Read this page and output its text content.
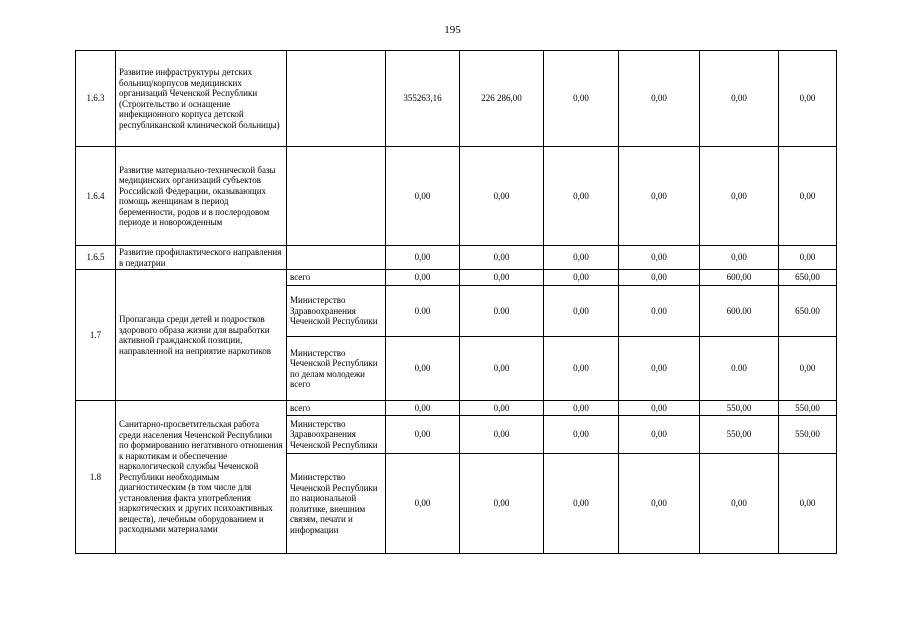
195
1.6.3	Развитие инфраструктуры детских больниц/корпусов медицинских организаций Чеченской Республики (Строительство и оснащение инфекционного корпуса детской республиканской клинической больницы)		355263,16	226 286,00	0,00	0,00	0,00	0,00
1.6.4	Развитие материально-технической базы медицинских организаций субъектов Российской Федерации, оказывающих помощь женщинам в период беременности, родов и в послеродовом периоде и новорожденным		0,00	0,00	0,00	0,00	0,00	0,00
1.6.5	Развитие профилактического направления в педиатрии		0,00	0,00	0,00	0,00	0,00	0,00
1.7	Пропаганда среди детей и подростков здорового образа жизни для выработки активной гражданской позиции, направленной на неприятие наркотиков	всего	0,00	0,00	0,00	0,00	600,00	650,00
		Министерство Здравоохранения Чеченской Республики	0.00	0.00	0,00	0.00	600.00	650.00
		Министерство Чеченской Республики по делам молодежи всего	0,00	0,00	0,00	0,00	0.00	0,00
1.8	Санитарно-просветительская работа среди населения Чеченской Республики по формированию негативного отношения к наркотикам и обеспечение наркологической службы Чеченской Республики необходимым диагностическим (в том числе для установления факта употребления наркотических и других психоактивных веществ), лечебным оборудованием и расходными материалами	всего	0,00	0,00	0,00	0,00	550,00	550,00
		Министерство Здравоохранения Чеченской Республики	0,00	0,00	0,00	0,00	550,00	550,00
		Министерство Чеченской Республики по национальной политике, внешним связям, печати и информации	0,00	0,00	0,00	0,00	0,00	0,00
